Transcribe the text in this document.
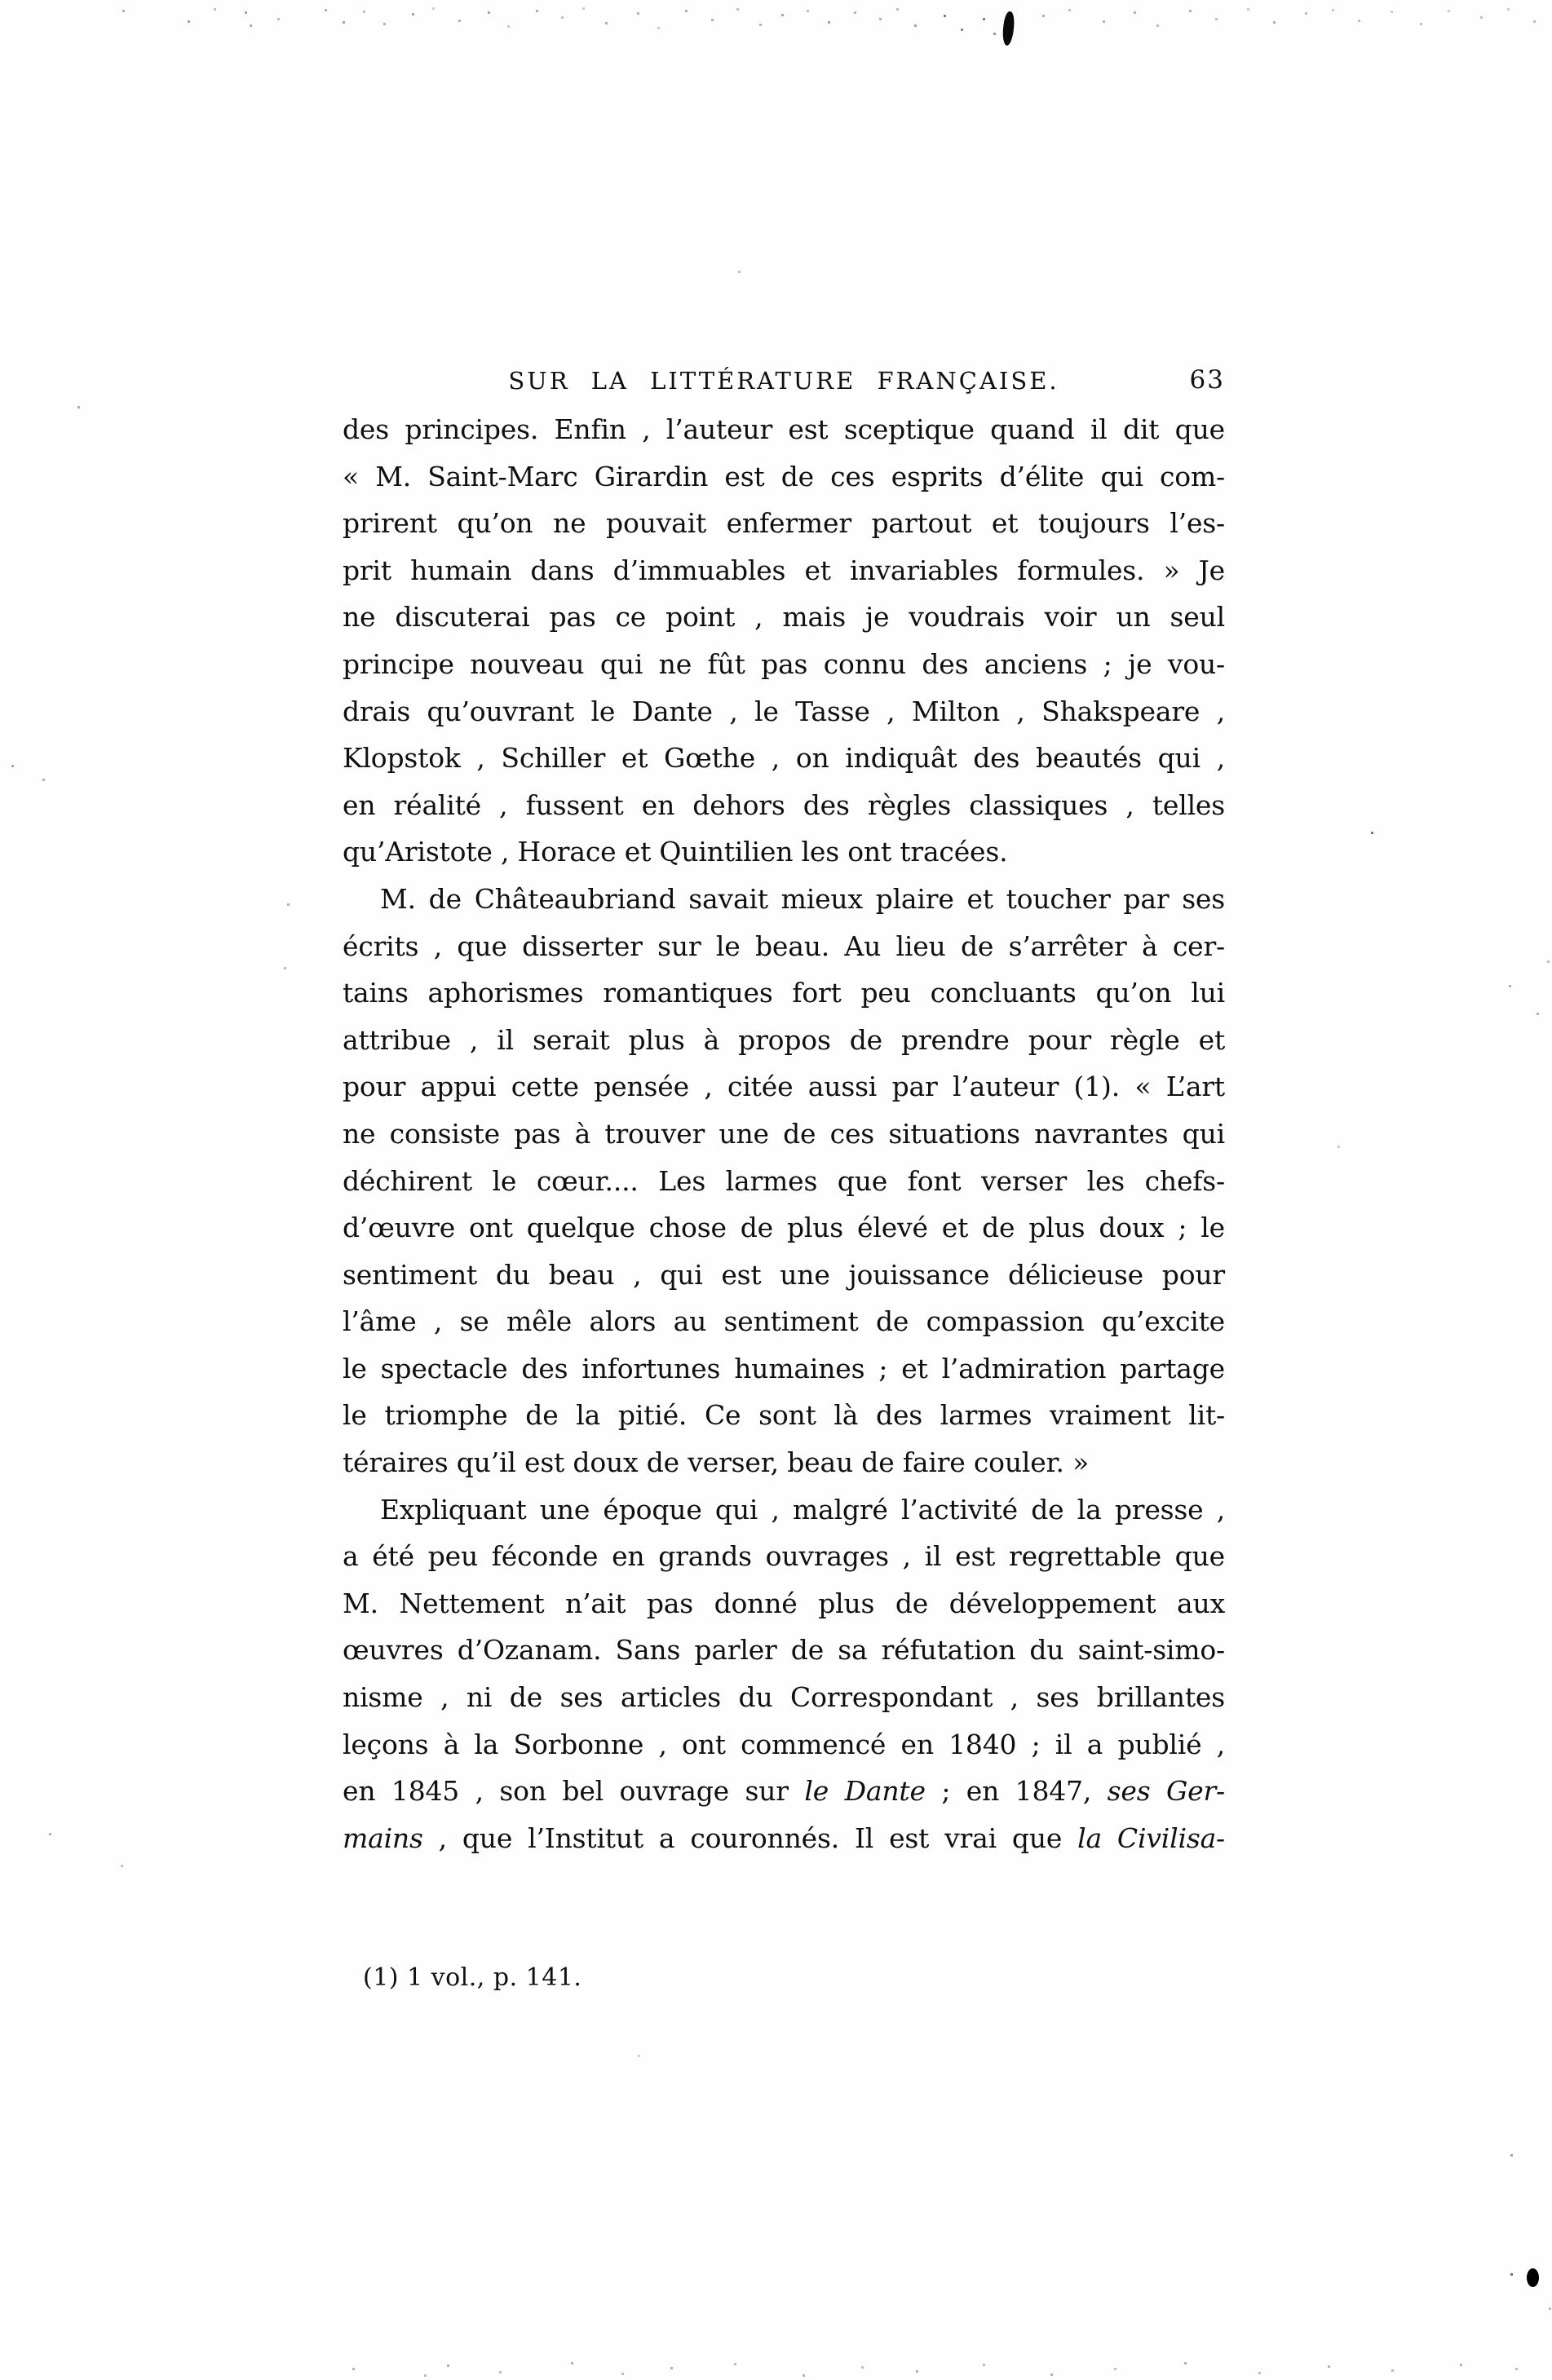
SUR LA LITTÉRATURE FRANÇAISE.	63
des principes. Enfin , l’auteur est sceptique quand il dit que
« M. Saint-Marc Girardin est de ces esprits d’élite qui com-
prirent qu’on ne pouvait enfermer partout et toujours l’es-
prit humain dans d’immuables et invariables formules. » Je
ne discuterai pas ce point , mais je voudrais voir un seul
principe nouveau qui ne fût pas connu des anciens ; je vou-
drais qu’ouvrant le Dante , le Tasse , Milton , Shakspeare ,
Klopstok , Schiller et Gœthe , on indiquât des beautés qui ,
en réalité , fussent en dehors des règles classiques , telles
qu’Aristote , Horace et Quintilien les ont tracées.
M. de Châteaubriand savait mieux plaire et toucher par ses
écrits , que disserter sur le beau. Au lieu de s’arrêter à cer-
tains aphorismes romantiques fort peu concluants qu’on lui
attribue , il serait plus à propos de prendre pour règle et
pour appui cette pensée , citée aussi par l’auteur (1). « L’art
ne consiste pas à trouver une de ces situations navrantes qui
déchirent le cœur.... Les larmes que font verser les chefs-
d’œuvre ont quelque chose de plus élevé et de plus doux ; le
sentiment du beau , qui est une jouissance délicieuse pour
l’âme , se mêle alors au sentiment de compassion qu’excite
le spectacle des infortunes humaines ; et l’admiration partage
le triomphe de la pitié. Ce sont là des larmes vraiment lit-
téraires qu’il est doux de verser, beau de faire couler. »
Expliquant une époque qui , malgré l’activité de la presse ,
a été peu féconde en grands ouvrages , il est regrettable que
M. Nettement n’ait pas donné plus de développement aux
œuvres d’Ozanam. Sans parler de sa réfutation du saint-simo-
nisme , ni de ses articles du Correspondant , ses brillantes
leçons à la Sorbonne , ont commencé en 1840 ; il a publié ,
en 1845 , son bel ouvrage sur le Dante ; en 1847, ses Ger-
mains , que l’Institut a couronnés. Il est vrai que la Civilisa-
(1) 1 vol., p. 141.
